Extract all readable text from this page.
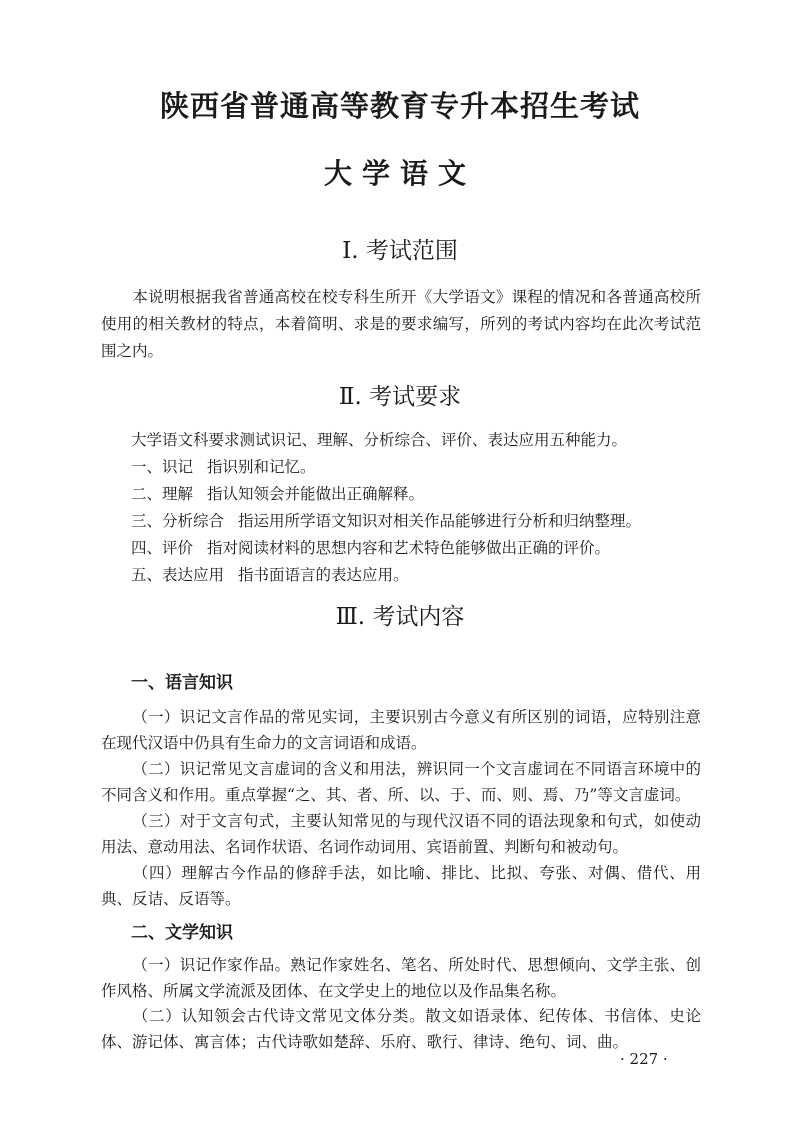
陕西省普通高等教育专升本招生考试
大学语文
Ⅰ. 考试范围
本说明根据我省普通高校在校专科生所开《大学语文》课程的情况和各普通高校所使用的相关教材的特点，本着简明、求是的要求编写，所列的考试内容均在此次考试范围之内。
Ⅱ. 考试要求
大学语文科要求测试识记、理解、分析综合、评价、表达应用五种能力。
一、识记 指识别和记忆。
二、理解 指认知领会并能做出正确解释。
三、分析综合 指运用所学语文知识对相关作品能够进行分析和归纳整理。
四、评价 指对阅读材料的思想内容和艺术特色能够做出正确的评价。
五、表达应用 指书面语言的表达应用。
Ⅲ. 考试内容
一、语言知识
（一）识记文言作品的常见实词，主要识别古今意义有所区别的词语，应特别注意在现代汉语中仍具有生命力的文言词语和成语。
（二）识记常见文言虚词的含义和用法，辨识同一个文言虚词在不同语言环境中的不同含义和作用。重点掌握“之、其、者、所、以、于、而、则、焉、乃”等文言虚词。
（三）对于文言句式，主要认知常见的与现代汉语不同的语法现象和句式，如使动用法、意动用法、名词作状语、名词作动词用、宾语前置、判断句和被动句。
（四）理解古今作品的修辞手法，如比喻、排比、比拟、夸张、对偶、借代、用典、反诘、反语等。
二、文学知识
（一）识记作家作品。熟记作家姓名、笔名、所处时代、思想倾向、文学主张、创作风格、所属文学流派及团体、在文学史上的地位以及作品集名称。
（二）认知领会古代诗文常见文体分类。散文如语录体、纪传体、书信体、史论体、游记体、寓言体；古代诗歌如楚辞、乐府、歌行、律诗、绝句、词、曲。
· 227 ·
